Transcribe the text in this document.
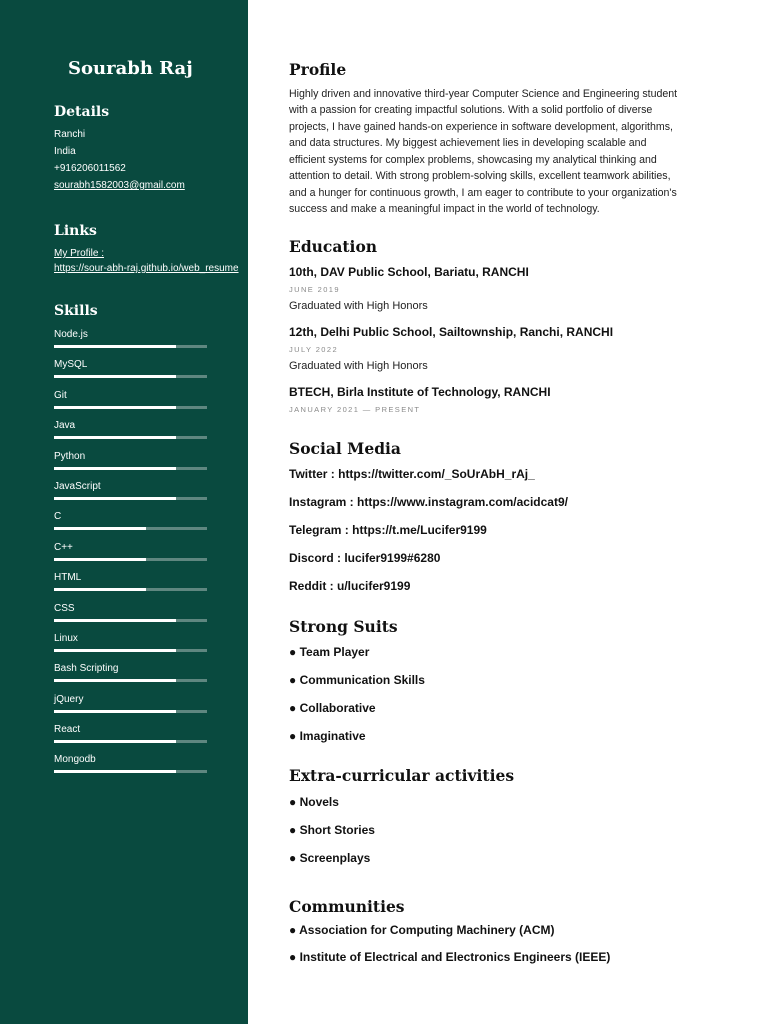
Sourabh Raj
Details
Ranchi
India
+916206011562
sourabh1582003@gmail.com
Links
My Profile :
https://sour-abh-raj.github.io/web_resume
Skills
Node.js
MySQL
Git
Java
Python
JavaScript
C
C++
HTML
CSS
Linux
Bash Scripting
jQuery
React
Mongodb
Profile
Highly driven and innovative third-year Computer Science and Engineering student
with a passion for creating impactful solutions. With a solid portfolio of diverse
projects, I have gained hands-on experience in software development, algorithms,
and data structures. My biggest achievement lies in developing scalable and
efficient systems for complex problems, showcasing my analytical thinking and
attention to detail. With strong problem-solving skills, excellent teamwork abilities,
and a hunger for continuous growth, I am eager to contribute to your organization's
success and make a meaningful impact in the world of technology.
Education
10th, DAV Public School, Bariatu, RANCHI
JUNE 2019
Graduated with High Honors
12th, Delhi Public School, Sailtownship, Ranchi, RANCHI
JULY 2022
Graduated with High Honors
BTECH, Birla Institute of Technology, RANCHI
JANUARY 2021 — PRESENT
Social Media
Twitter : https://twitter.com/_SoUrAbH_rAj_
Instagram : https://www.instagram.com/acidcat9/
Telegram : https://t.me/Lucifer9199
Discord : lucifer9199#6280
Reddit : u/lucifer9199
Strong Suits
● Team Player
● Communication Skills
● Collaborative
● Imaginative
Extra-curricular activities
● Novels
● Short Stories
● Screenplays
Communities
● Association for Computing Machinery (ACM)
● Institute of Electrical and Electronics Engineers (IEEE)
